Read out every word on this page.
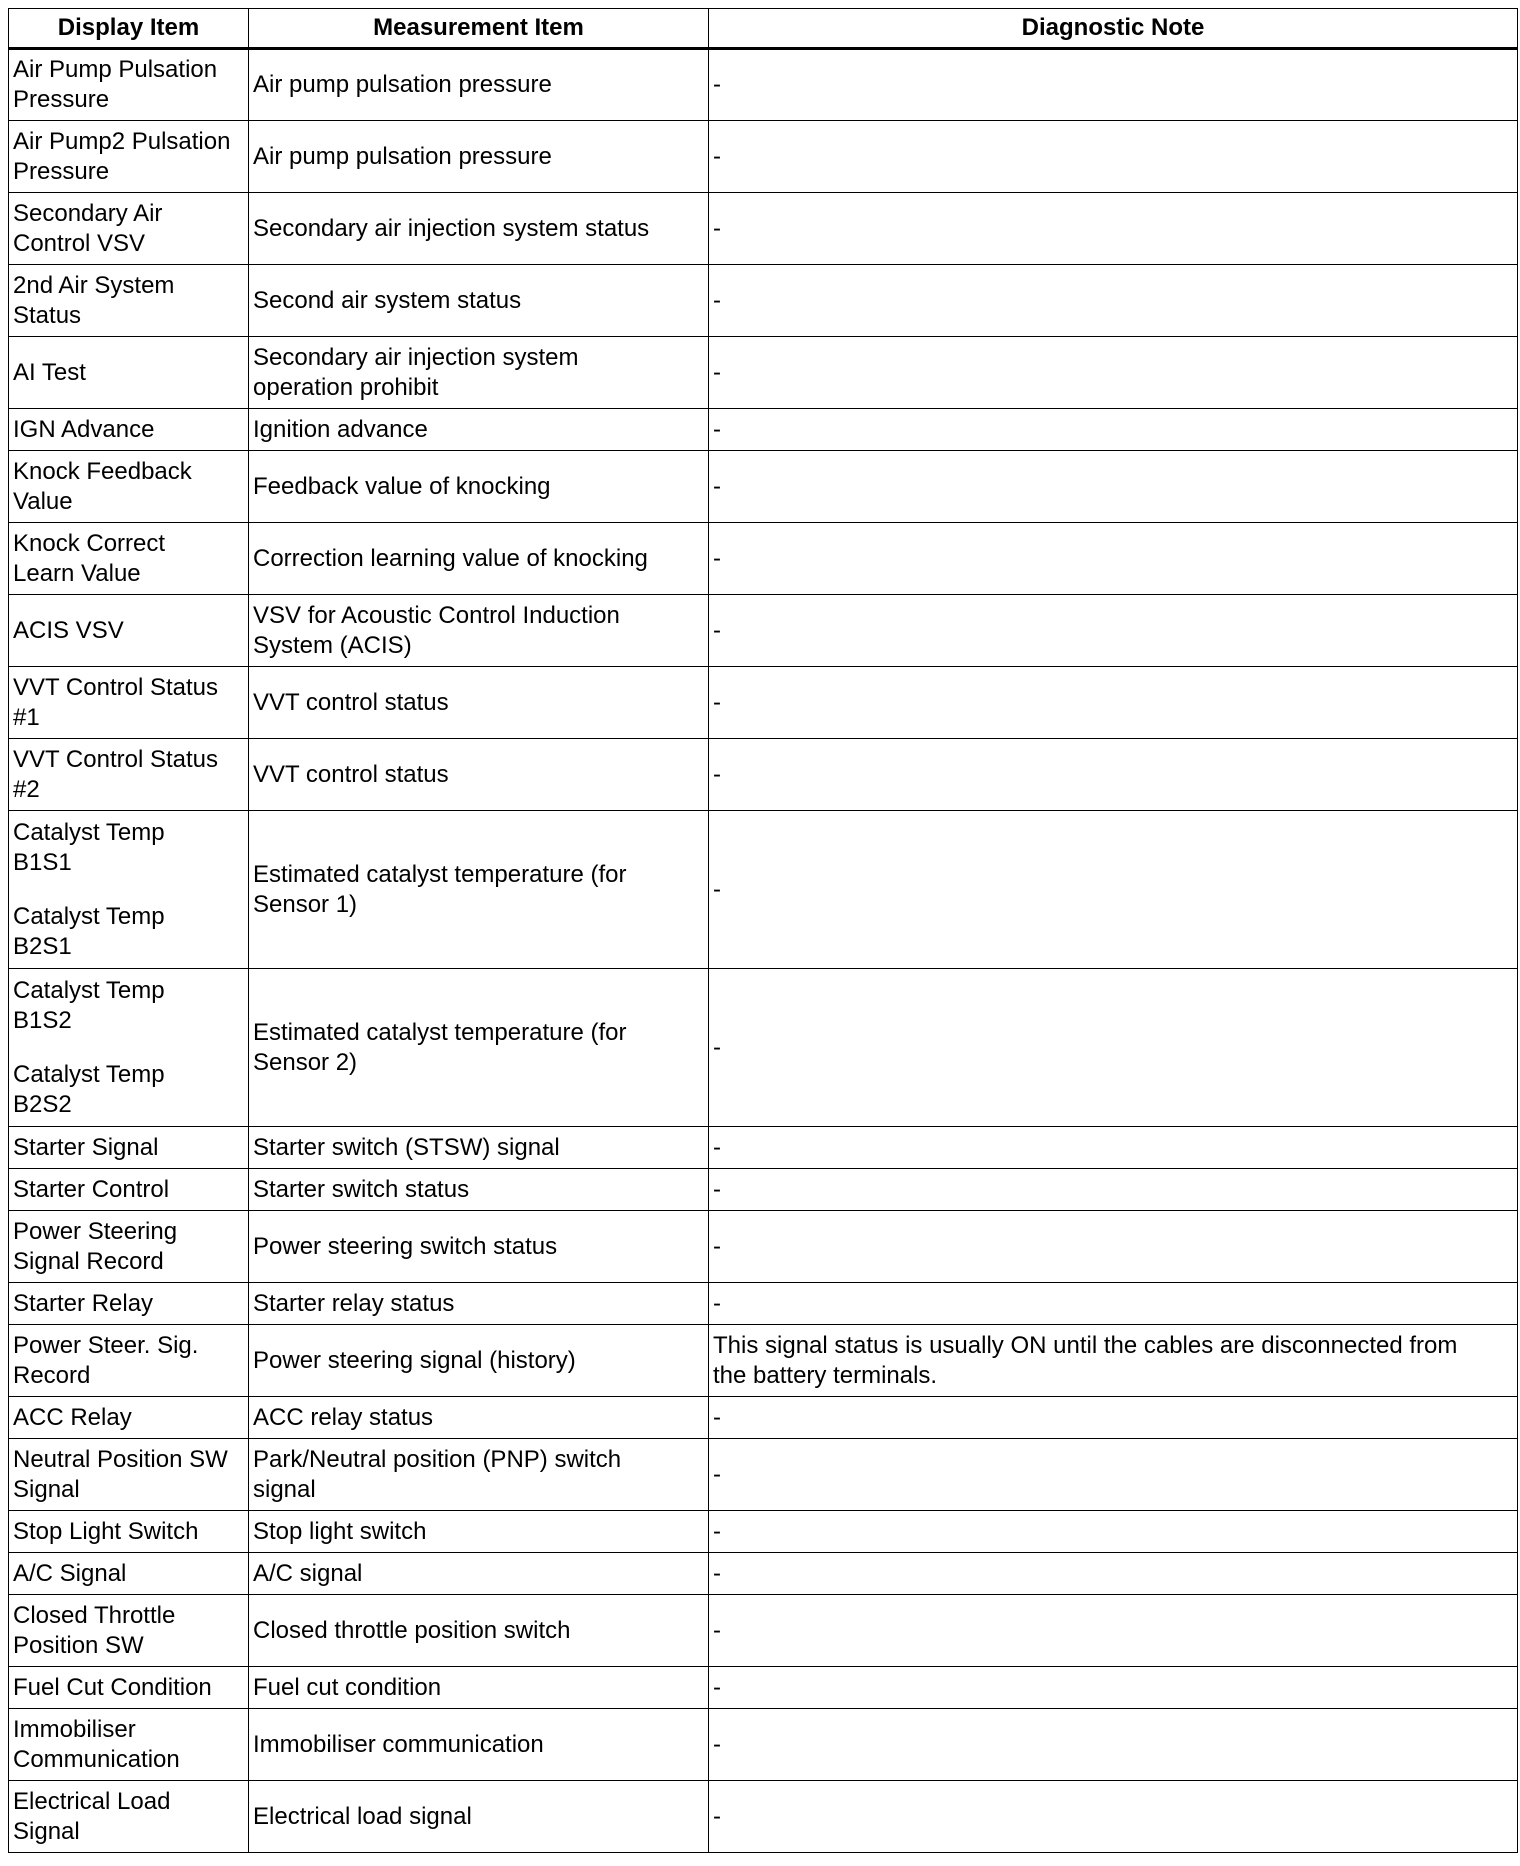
Display Item	Measurement Item	Diagnostic Note

Air Pump Pulsation
Pressure	Air pump pulsation pressure	-

Air Pump2 Pulsation
Pressure	Air pump pulsation pressure	-

Secondary Air
Control VSV	Secondary air injection system status	-

2nd Air System
Status	Second air system status	-

AI Test	Secondary air injection system
operation prohibit	-

IGN Advance	Ignition advance	-

Knock Feedback
Value	Feedback value of knocking	-

Knock Correct
Learn Value	Correction learning value of knocking	-

ACIS VSV	VSV for Acoustic Control Induction
System (ACIS)	-

VVT Control Status
#1	VVT control status	-

VVT Control Status
#2	VVT control status	-

Catalyst Temp
B1S1
Catalyst Temp
B2S1	Estimated catalyst temperature (for
Sensor 1)	-

Catalyst Temp
B1S2
Catalyst Temp
B2S2	Estimated catalyst temperature (for
Sensor 2)	-

Starter Signal	Starter switch (STSW) signal	-

Starter Control	Starter switch status	-

Power Steering
Signal Record	Power steering switch status	-

Starter Relay	Starter relay status	-

Power Steer. Sig.
Record	Power steering signal (history)	This signal status is usually ON until the cables are disconnected from
the battery terminals.

ACC Relay	ACC relay status	-

Neutral Position SW
Signal	Park/Neutral position (PNP) switch
signal	-

Stop Light Switch	Stop light switch	-

A/C Signal	A/C signal	-

Closed Throttle
Position SW	Closed throttle position switch	-

Fuel Cut Condition	Fuel cut condition	-

Immobiliser
Communication	Immobiliser communication	-

Electrical Load
Signal	Electrical load signal	-
